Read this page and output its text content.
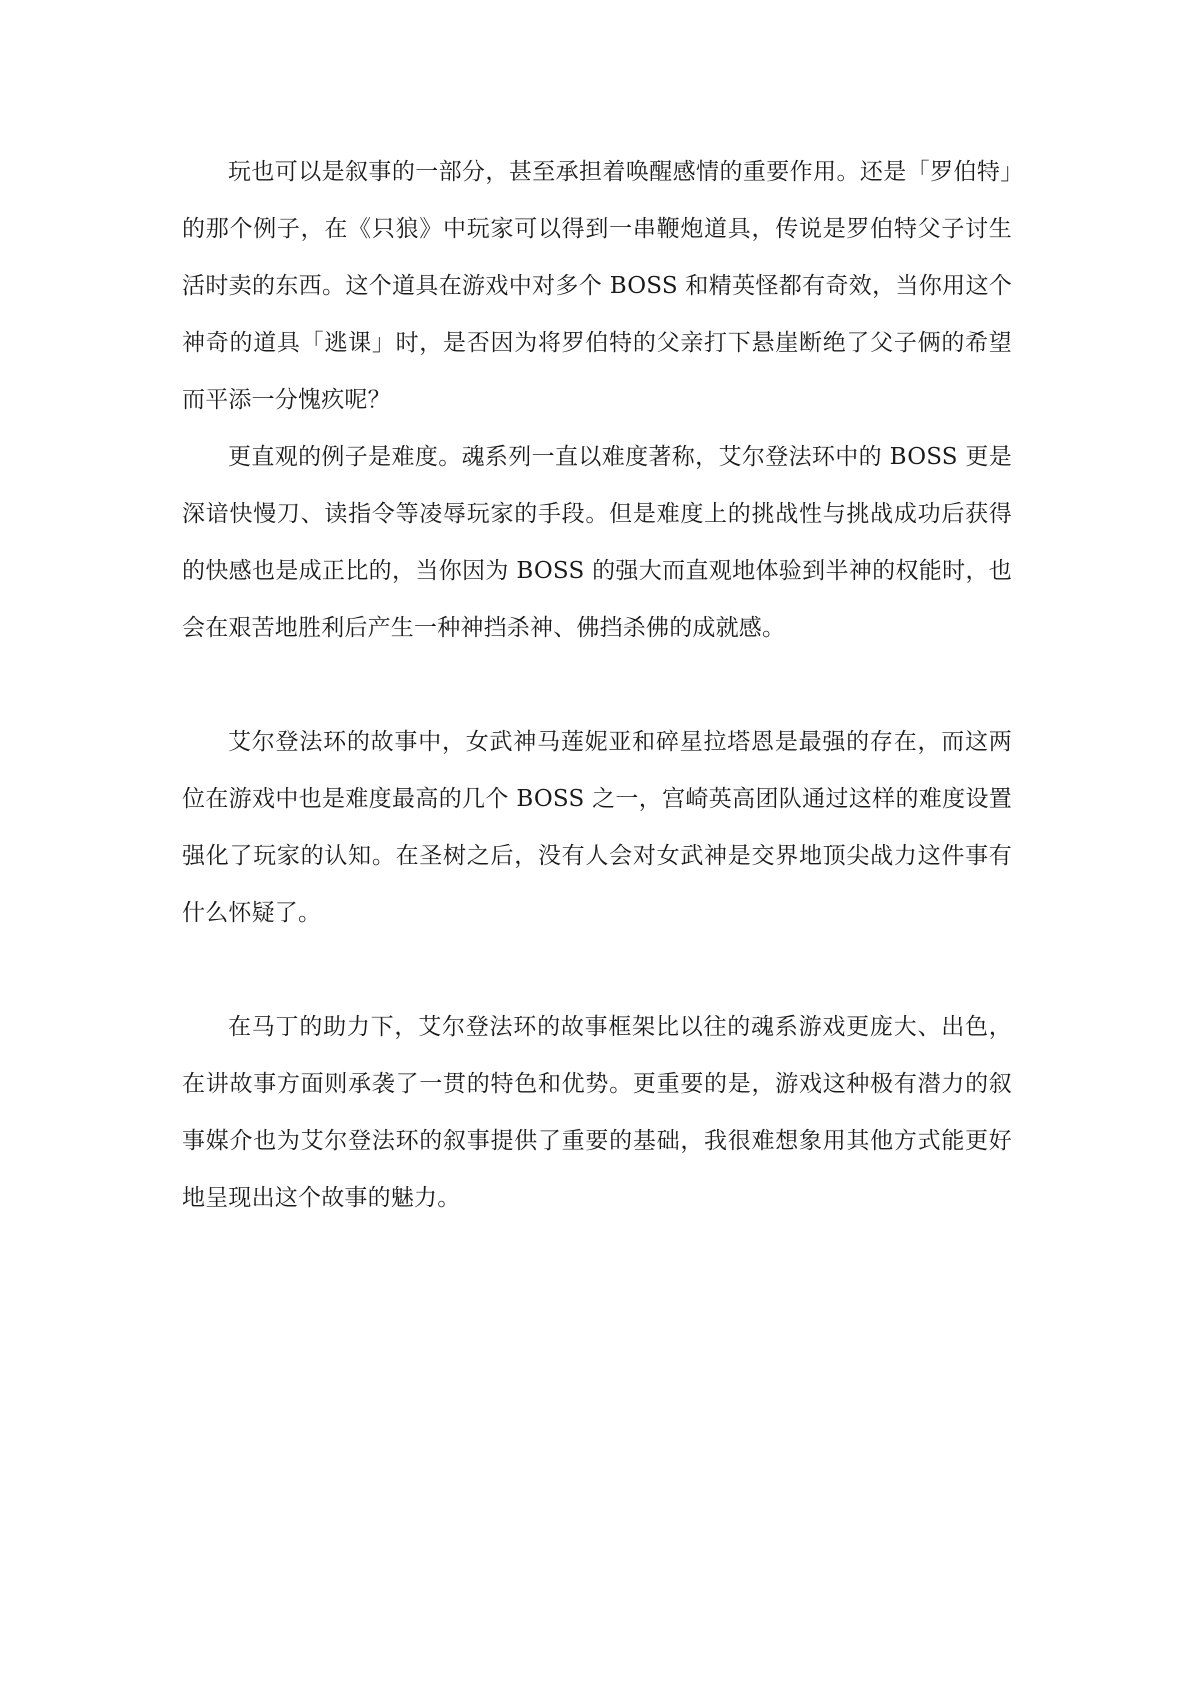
玩也可以是叙事的一部分，甚至承担着唤醒感情的重要作用。还是「罗伯特」的那个例子，在《只狼》中玩家可以得到一串鞭炮道具，传说是罗伯特父子讨生活时卖的东西。这个道具在游戏中对多个 BOSS 和精英怪都有奇效，当你用这个神奇的道具「逃课」时，是否因为将罗伯特的父亲打下悬崖断绝了父子俩的希望而平添一分愧疚呢？

更直观的例子是难度。魂系列一直以难度著称，艾尔登法环中的 BOSS 更是深谙快慢刀、读指令等凌辱玩家的手段。但是难度上的挑战性与挑战成功后获得的快感也是成正比的，当你因为 BOSS 的强大而直观地体验到半神的权能时，也会在艰苦地胜利后产生一种神挡杀神、佛挡杀佛的成就感。

艾尔登法环的故事中，女武神马莲妮亚和碎星拉塔恩是最强的存在，而这两位在游戏中也是难度最高的几个 BOSS 之一，宫崎英高团队通过这样的难度设置强化了玩家的认知。在圣树之后，没有人会对女武神是交界地顶尖战力这件事有什么怀疑了。

在马丁的助力下，艾尔登法环的故事框架比以往的魂系游戏更庞大、出色，在讲故事方面则承袭了一贯的特色和优势。更重要的是，游戏这种极有潜力的叙事媒介也为艾尔登法环的叙事提供了重要的基础，我很难想象用其他方式能更好地呈现出这个故事的魅力。
